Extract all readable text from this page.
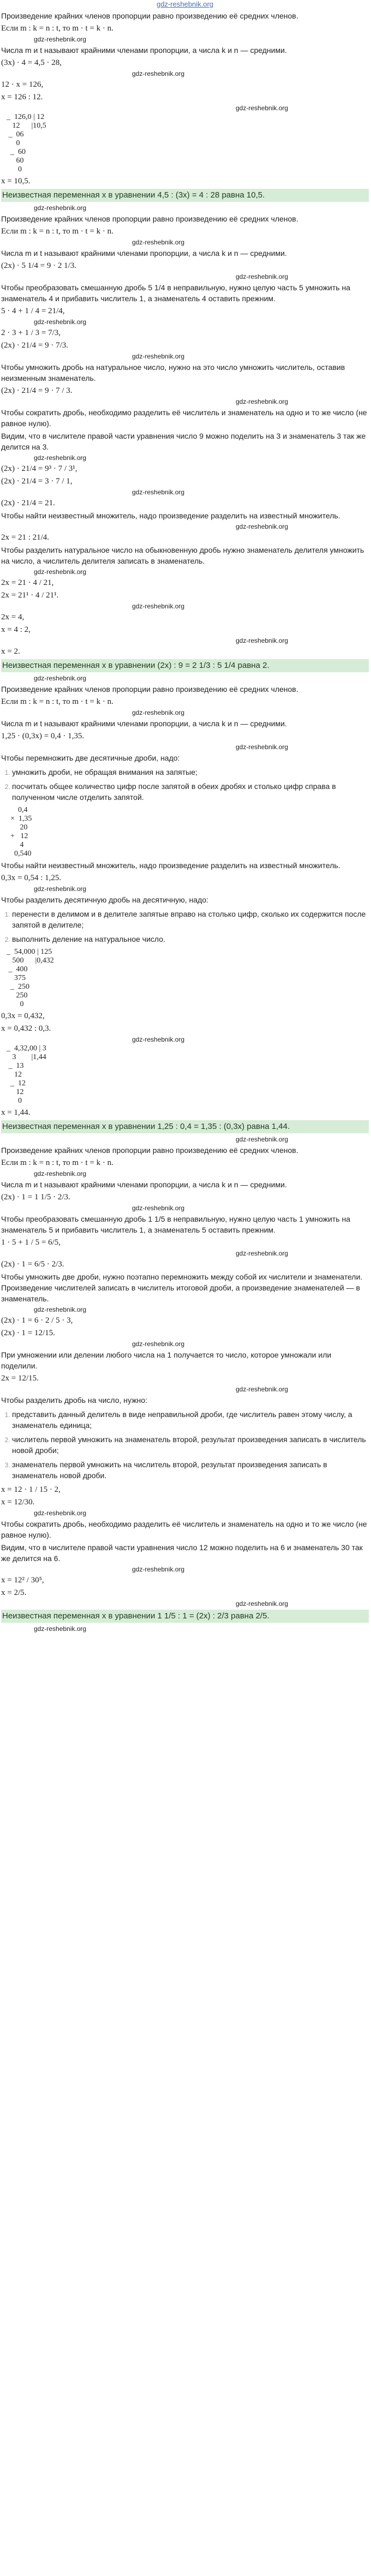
gdz-reshebnik.org
Произведение крайних членов пропорции равно произведению её средних членов.
Если m : k = n : t, то m · t = k · n.
gdz-reshebnik.org
Числа m и t называют крайними членами пропорции, а числа k и n — средними.
(3x) · 4 = 4,5 · 28,
gdz-reshebnik.org
12 · x = 126,
x = 126 : 12.
gdz-reshebnik.org
_  126,0 | 12
12      |10,5
_  06
0
_  60
60
0
x = 10,5.
Неизвестная переменная x в уравнении 4,5 : (3x) = 4 : 28 равна 10,5.
gdz-reshebnik.org
Произведение крайних членов пропорции равно произведению её средних членов.
Если m : k = n : t, то m · t = k · n.
gdz-reshebnik.org
Числа m и t называют крайними членами пропорции, а числа k и n — средними.
(2x) · 5 1/4 = 9 · 2 1/3.
gdz-reshebnik.org
Чтобы преобразовать смешанную дробь 5 1/4 в неправильную, нужно целую часть 5 умножить на знаменатель 4 и прибавить числитель 1, а знаменатель 4 оставить прежним.
5 · 4 + 1 / 4 = 21/4,
gdz-reshebnik.org
2 · 3 + 1 / 3 = 7/3,
(2x) · 21/4 = 9 · 7/3.
gdz-reshebnik.org
Чтобы умножить дробь на натуральное число, нужно на это число умножить числитель, оставив неизменным знаменатель.
(2x) · 21/4 = 9 · 7 / 3.
gdz-reshebnik.org
Чтобы сократить дробь, необходимо разделить её числитель и знаменатель на одно и то же число (не равное нулю).
Видим, что в числителе правой части уравнения число 9 можно поделить на 3 и знаменатель 3 так же делится на 3.
gdz-reshebnik.org
(2x) · 21/4 = 9³ · 7 / 3¹,
(2x) · 21/4 = 3 · 7 / 1,
gdz-reshebnik.org
(2x) · 21/4 = 21.
Чтобы найти неизвестный множитель, надо произведение разделить на известный множитель.
gdz-reshebnik.org
2x = 21 : 21/4.
Чтобы разделить натуральное число на обыкновенную дробь нужно знаменатель делителя умножить на число, а числитель делителя записать в знаменатель.
gdz-reshebnik.org
2x = 21 · 4 / 21,
2x = 21¹ · 4 / 21¹.
gdz-reshebnik.org
2x = 4,
x = 4 : 2,
gdz-reshebnik.org
x = 2.
Неизвестная переменная x в уравнении (2x) : 9 = 2 1/3 : 5 1/4 равна 2.
gdz-reshebnik.org
Произведение крайних членов пропорции равно произведению её средних членов.
Если m : k = n : t, то m · t = k · n.
gdz-reshebnik.org
Числа m и t называют крайними членами пропорции, а числа k и n — средними.
1,25 · (0,3x) = 0,4 · 1,35.
gdz-reshebnik.org
Чтобы перемножить две десятичные дроби, надо:
1. умножить дроби, не обращая внимания на запятые;
2. посчитать общее количество цифр после запятой в обеих дробях и столько цифр справа в полученном числе отделить запятой.
0,4
×  1,35
20
+   12
4
0,540
Чтобы найти неизвестный множитель, надо произведение разделить на известный множитель.
0,3x = 0,54 : 1,25.
gdz-reshebnik.org
Чтобы разделить десятичную дробь на десятичную, надо:
1. перенести в делимом и в делителе запятые вправо на столько цифр, сколько их содержится после запятой в делителе;
2. выполнить деление на натуральное число.
_  54,000 | 125
500      |0,432
_  400
375
_  250
250
0
0,3x = 0,432,
x = 0,432 : 0,3.
gdz-reshebnik.org
_  4,32,00 | 3
3        |1,44
_  13
12
_  12
12
0
x = 1,44.
Неизвестная переменная x в уравнении 1,25 : 0,4 = 1,35 : (0,3x) равна 1,44.
gdz-reshebnik.org
Произведение крайних членов пропорции равно произведению её средних членов.
Если m : k = n : t, то m · t = k · n.
gdz-reshebnik.org
Числа m и t называют крайними членами пропорции, а числа k и n — средними.
(2x) · 1 = 1 1/5 · 2/3.
gdz-reshebnik.org
Чтобы преобразовать смешанную дробь 1 1/5 в неправильную, нужно целую часть 1 умножить на знаменатель 5 и прибавить числитель 1, а знаменатель 5 оставить прежним.
1 · 5 + 1 / 5 = 6/5,
gdz-reshebnik.org
(2x) · 1 = 6/5 · 2/3.
Чтобы умножить две дроби, нужно поэтапно перемножить между собой их числители и знаменатели. Произведение числителей записать в числитель итоговой дроби, а произведение знаменателей — в знаменатель.
gdz-reshebnik.org
(2x) · 1 = 6 · 2 / 5 · 3,
(2x) · 1 = 12/15.
gdz-reshebnik.org
При умножении или делении любого числа на 1 получается то число, которое умножали или поделили.
2x = 12/15.
gdz-reshebnik.org
Чтобы разделить дробь на число, нужно:
1. представить данный делитель в виде неправильной дроби, где числитель равен этому числу, а знаменатель единица;
2. числитель первой умножить на знаменатель второй, результат произведения записать в числитель новой дроби;
3. знаменатель первой умножить на числитель второй, результат произведения записать в знаменатель новой дроби.
x = 12 · 1 / 15 · 2,
x = 12/30.
gdz-reshebnik.org
Чтобы сократить дробь, необходимо разделить её числитель и знаменатель на одно и то же число (не равное нулю).
Видим, что в числителе правой части уравнения число 12 можно поделить на 6 и знаменатель 30 так же делится на 6.
gdz-reshebnik.org
x = 12² / 30⁵,
x = 2/5.
gdz-reshebnik.org
Неизвестная переменная x в уравнении 1 1/5 : 1 = (2x) : 2/3 равна 2/5.
gdz-reshebnik.org
